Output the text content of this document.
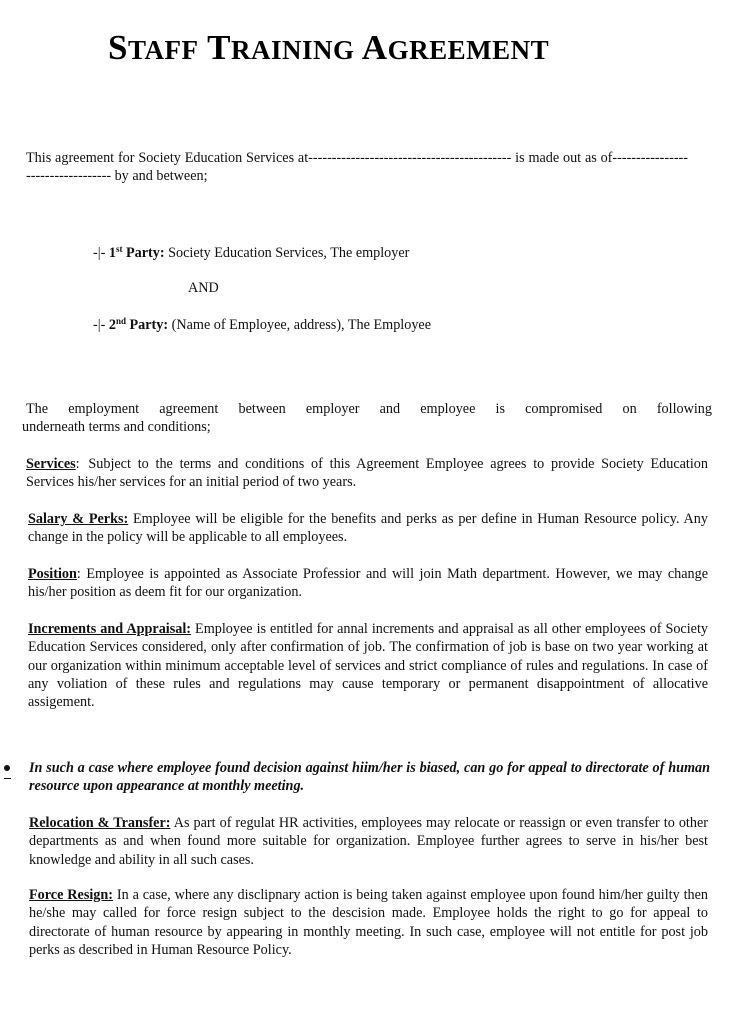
STAFF TRAINING AGREEMENT
This agreement for Society Education Services at------------------------------------------- is made out as of---------------------------------- by and between;
-|- 1st Party: Society Education Services, The employer
AND
-|- 2nd Party: (Name of Employee, address), The Employee
The employment agreement between employer and employee is compromised on following
underneath terms and conditions;
Services: Subject to the terms and conditions of this Agreement Employee agrees to provide Society Education Services his/her services for an initial period of two years.
Salary & Perks: Employee will be eligible for the benefits and perks as per define in Human Resource policy. Any change in the policy will be applicable to all employees.
Position: Employee is appointed as Associate Professior and will join Math department. However, we may change his/her position as deem fit for our organization.
Increments and Appraisal: Employee is entitled for annal increments and appraisal as all other employees of Society Education Services considered, only after confirmation of job. The confirmation of job is base on two year working at our organization within minimum acceptable level of services and strict compliance of rules and regulations. In case of any voliation of these rules and regulations may cause temporary or permanent disappointment of allocative assigement.
In such a case where employee found decision against hiim/her is biased, can go for appeal to directorate of human resource upon appearance at monthly meeting.
Relocation & Transfer: As part of regulat HR activities, employees may relocate or reassign or even transfer to other departments as and when found more suitable for organization. Employee further agrees to serve in his/her best knowledge and ability in all such cases.
Force Resign: In a case, where any disclipnary action is being taken against employee upon found him/her guilty then he/she may called for force resign subject to the descision made. Employee holds the right to go for appeal to directorate of human resource by appearing in monthly meeting. In such case, employee will not entitle for post job perks as described in Human Resource Policy.
